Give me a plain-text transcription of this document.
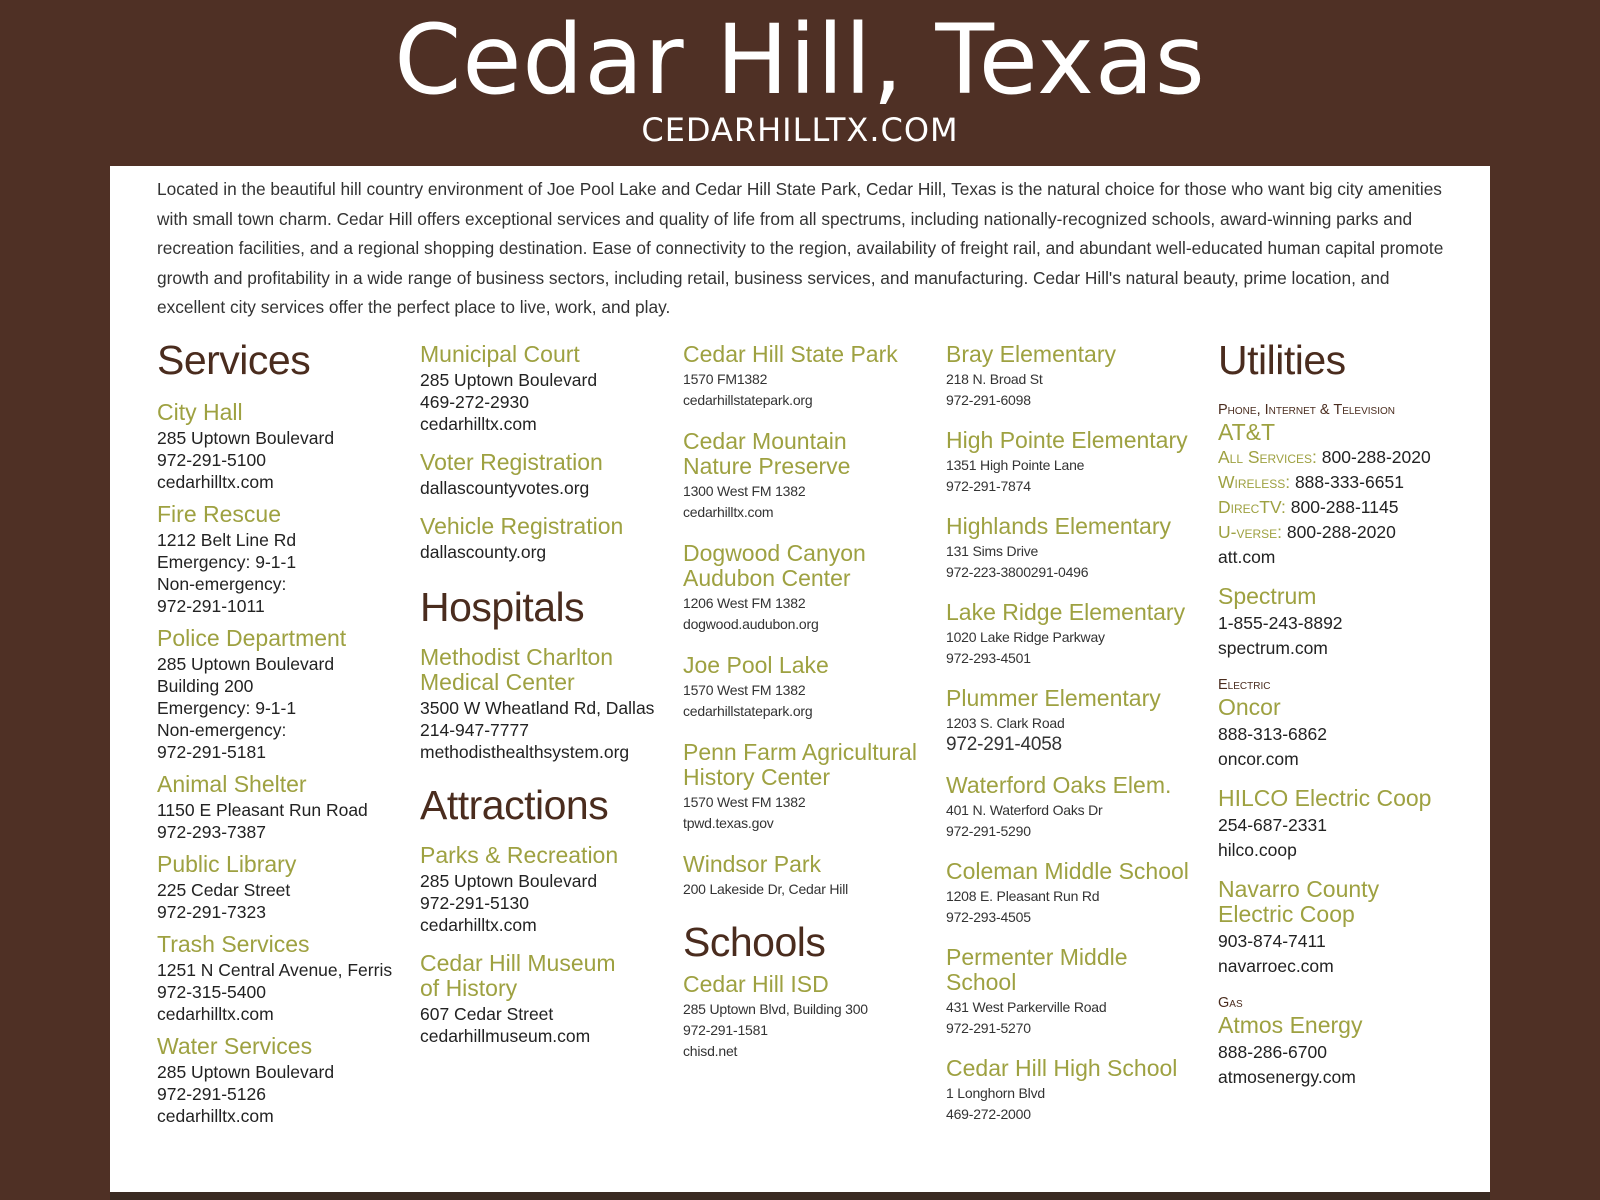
Cedar Hill, Texas
CEDARHILLTX.COM
Located in the beautiful hill country environment of Joe Pool Lake and Cedar Hill State Park, Cedar Hill, Texas is the natural choice for those who want big city amenities with small town charm. Cedar Hill offers exceptional services and quality of life from all spectrums, including nationally-recognized schools, award-winning parks and recreation facilities, and a regional shopping destination. Ease of connectivity to the region, availability of freight rail, and abundant well-educated human capital promote growth and profitability in a wide range of business sectors, including retail, business services, and manufacturing. Cedar Hill's natural beauty, prime location, and excellent city services offer the perfect place to live, work, and play.
Services
City Hall
285 Uptown Boulevard
972-291-5100
cedarhilltx.com
Fire Rescue
1212 Belt Line Rd
Emergency: 9-1-1
Non-emergency:
972-291-1011
Police Department
285 Uptown Boulevard
Building 200
Emergency: 9-1-1
Non-emergency:
972-291-5181
Animal Shelter
1150 E Pleasant Run Road
972-293-7387
Public Library
225 Cedar Street
972-291-7323
Trash Services
1251 N Central Avenue, Ferris
972-315-5400
cedarhilltx.com
Water Services
285 Uptown Boulevard
972-291-5126
cedarhilltx.com
Municipal Court
285 Uptown Boulevard
469-272-2930
cedarhilltx.com
Voter Registration
dallascountyvotes.org
Vehicle Registration
dallascounty.org
Hospitals
Methodist Charlton
Medical Center
3500 W Wheatland Rd, Dallas
214-947-7777
methodisthealthsystem.org
Attractions
Parks & Recreation
285 Uptown Boulevard
972-291-5130
cedarhilltx.com
Cedar Hill Museum
of History
607 Cedar Street
cedarhillmuseum.com
Cedar Hill State Park
1570 FM1382
cedarhillstatepark.org
Cedar Mountain
Nature Preserve
1300 West FM 1382
cedarhilltx.com
Dogwood Canyon
Audubon Center
1206 West FM 1382
dogwood.audubon.org
Joe Pool Lake
1570 West FM 1382
cedarhillstatepark.org
Penn Farm Agricultural
History Center
1570 West FM 1382
tpwd.texas.gov
Windsor Park
200 Lakeside Dr, Cedar Hill
Schools
Cedar Hill ISD
285 Uptown Blvd, Building 300
972-291-1581
chisd.net
Bray Elementary
218 N. Broad St
972-291-6098
High Pointe Elementary
1351 High Pointe Lane
972-291-7874
Highlands Elementary
131 Sims Drive
972-223-3800291-0496
Lake Ridge Elementary
1020 Lake Ridge Parkway
972-293-4501
Plummer Elementary
1203 S. Clark Road
972-291-4058
Waterford Oaks Elem.
401 N. Waterford Oaks Dr
972-291-5290
Coleman Middle School
1208 E. Pleasant Run Rd
972-293-4505
Permenter Middle School
431 West Parkerville Road
972-291-5270
Cedar Hill High School
1 Longhorn Blvd
469-272-2000
Utilities
Phone, Internet & Television
AT&T
All Services: 800-288-2020
Wireless: 888-333-6651
DirecTV: 800-288-1145
U-verse: 800-288-2020
att.com
Spectrum
1-855-243-8892
spectrum.com
Electric
Oncor
888-313-6862
oncor.com
HILCO Electric Coop
254-687-2331
hilco.coop
Navarro County
Electric Coop
903-874-7411
navarroec.com
Gas
Atmos Energy
888-286-6700
atmosenergy.com
